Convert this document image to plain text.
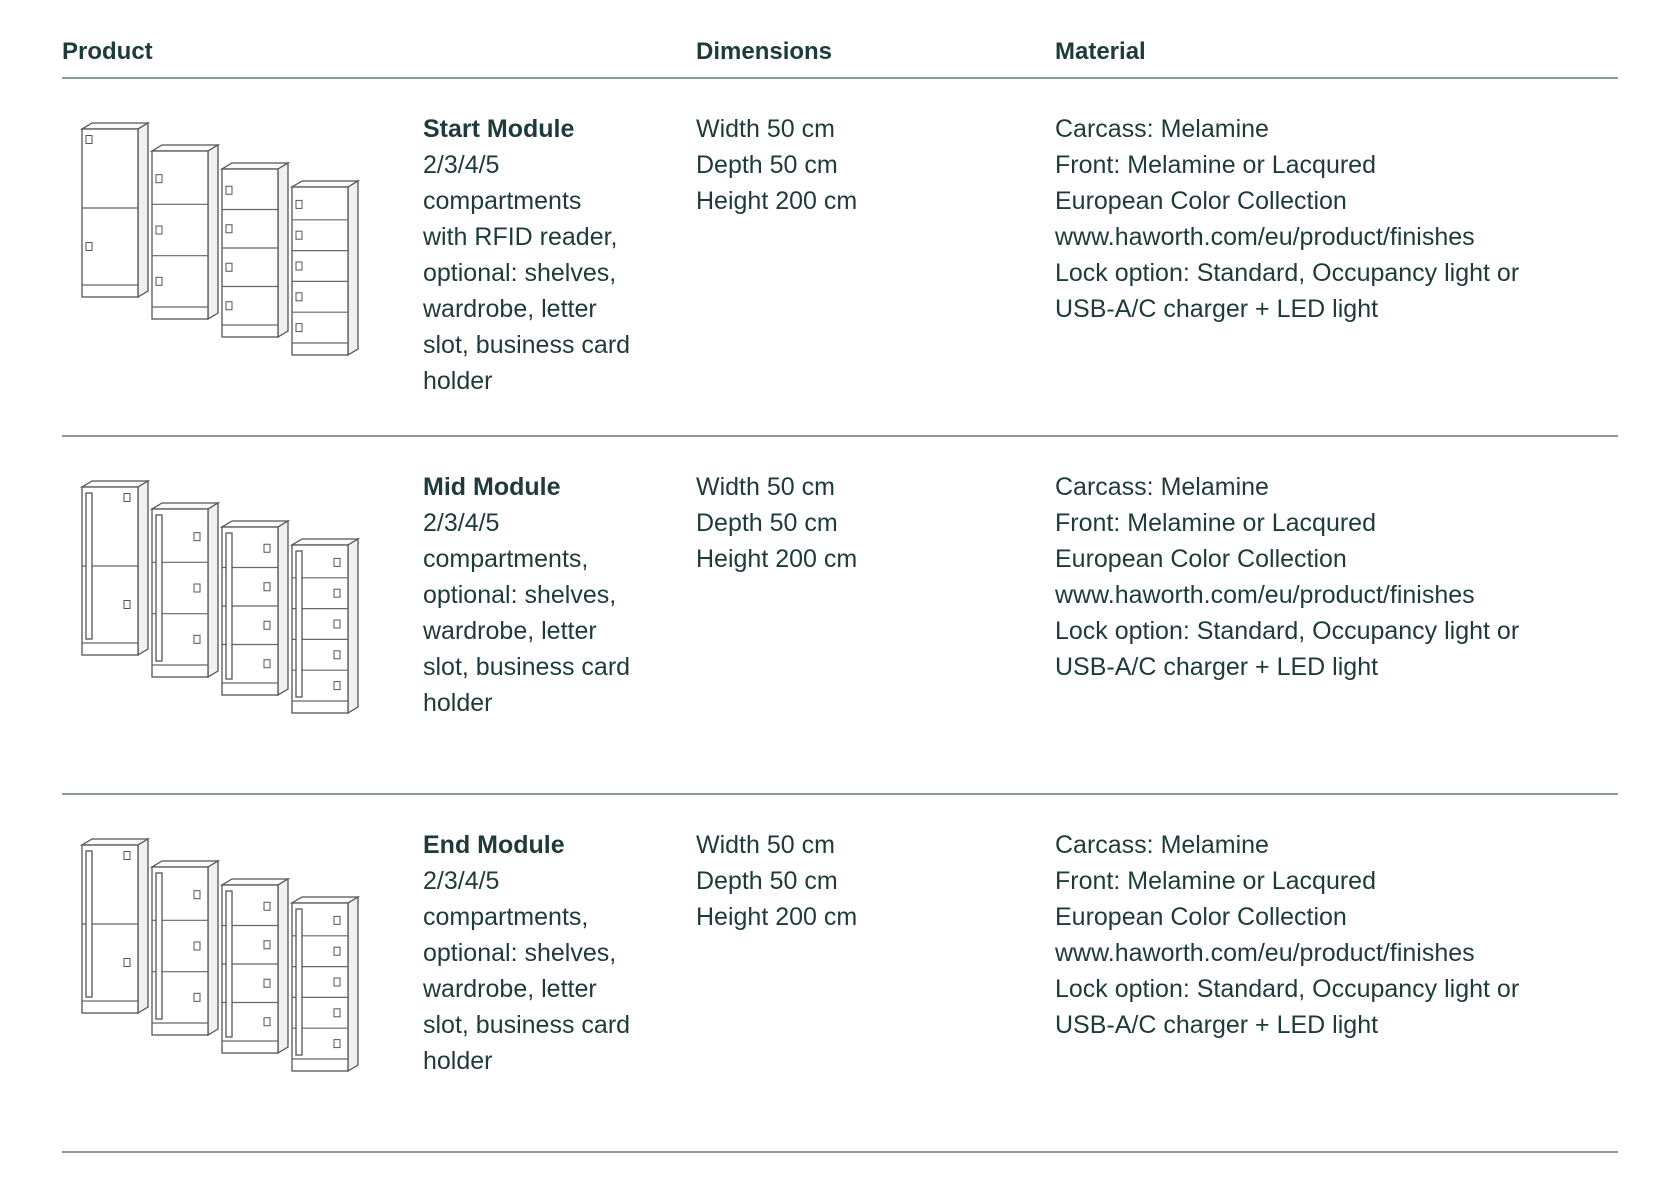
Product	Dimensions	Material
Start Module
2/3/4/5
compartments
with RFID reader,
optional: shelves,
wardrobe, letter
slot, business card
holder
Width 50 cm
Depth 50 cm
Height 200 cm
Carcass: Melamine
Front: Melamine or Lacqured
European Color Collection
www.haworth.com/eu/product/finishes
Lock option: Standard, Occupancy light or
USB-A/C charger + LED light
Mid Module
2/3/4/5
compartments,
optional: shelves,
wardrobe, letter
slot, business card
holder
Width 50 cm
Depth 50 cm
Height 200 cm
Carcass: Melamine
Front: Melamine or Lacqured
European Color Collection
www.haworth.com/eu/product/finishes
Lock option: Standard, Occupancy light or
USB-A/C charger + LED light
End Module
2/3/4/5
compartments,
optional: shelves,
wardrobe, letter
slot, business card
holder
Width 50 cm
Depth 50 cm
Height 200 cm
Carcass: Melamine
Front: Melamine or Lacqured
European Color Collection
www.haworth.com/eu/product/finishes
Lock option: Standard, Occupancy light or
USB-A/C charger + LED light
